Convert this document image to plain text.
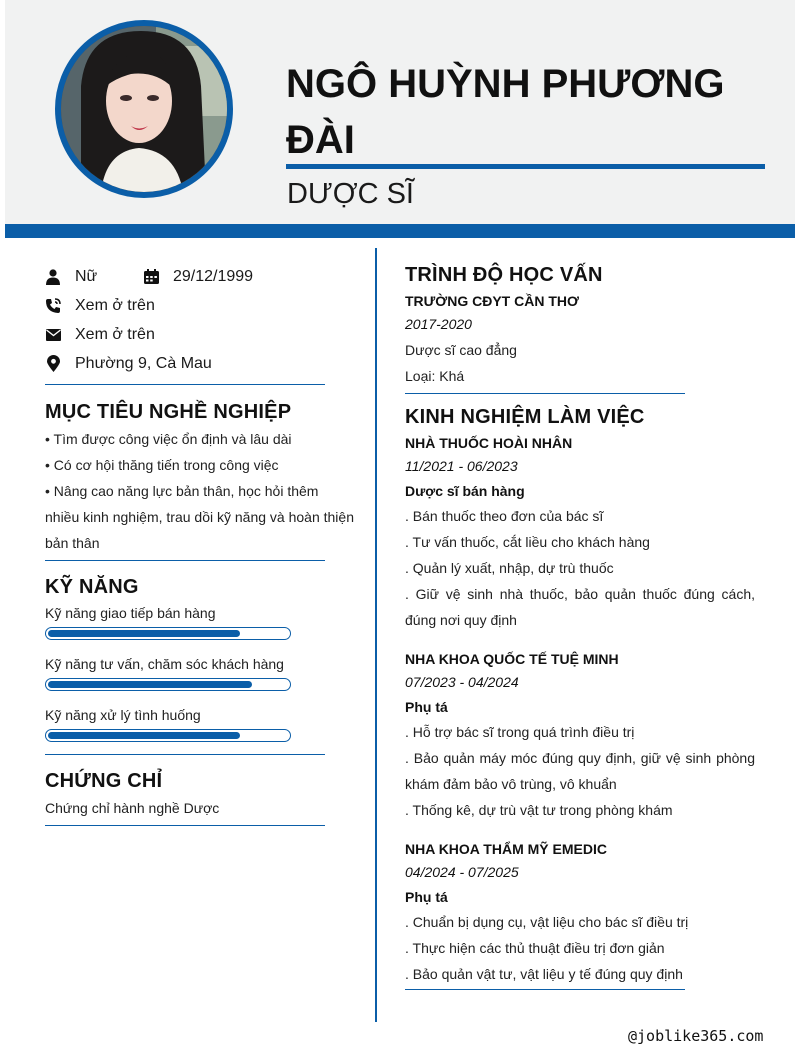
NGÔ HUỲNH PHƯƠNG
ĐÀI
DƯỢC SĨ
Nữ	29/12/1999
Xem ở trên
Xem ở trên
Phường 9, Cà Mau
MỤC TIÊU NGHỀ NGHIỆP
• Tìm được công việc ổn định và lâu dài
• Có cơ hội thăng tiến trong công việc
• Nâng cao năng lực bản thân, học hỏi thêm nhiều kinh nghiệm, trau dồi kỹ năng và hoàn thiện bản thân
KỸ NĂNG
Kỹ năng giao tiếp bán hàng
Kỹ năng tư vấn, chăm sóc khách hàng
Kỹ năng xử lý tình huống
CHỨNG CHỈ
Chứng chỉ hành nghề Dược
TRÌNH ĐỘ HỌC VẤN
TRƯỜNG CĐYT CẦN THƠ
2017-2020
Dược sĩ cao đẳng
Loại: Khá
KINH NGHIỆM LÀM VIỆC
NHÀ THUỐC HOÀI NHÂN
11/2021 - 06/2023
Dược sĩ bán hàng
. Bán thuốc theo đơn của bác sĩ
. Tư vấn thuốc, cắt liều cho khách hàng
. Quản lý xuất, nhập, dự trù thuốc
. Giữ vệ sinh nhà thuốc, bảo quản thuốc đúng cách, đúng nơi quy định
NHA KHOA QUỐC TẾ TUỆ MINH
07/2023 - 04/2024
Phụ tá
. Hỗ trợ bác sĩ trong quá trình điều trị
. Bảo quản máy móc đúng quy định, giữ vệ sinh phòng khám đảm bảo vô trùng, vô khuẩn
. Thống kê, dự trù vật tư trong phòng khám
NHA KHOA THẨM MỸ EMEDIC
04/2024 - 07/2025
Phụ tá
. Chuẩn bị dụng cụ, vật liệu cho bác sĩ điều trị
. Thực hiện các thủ thuật điều trị đơn giản
. Bảo quản vật tư, vật liệu y tế đúng quy định
@joblike365.com
